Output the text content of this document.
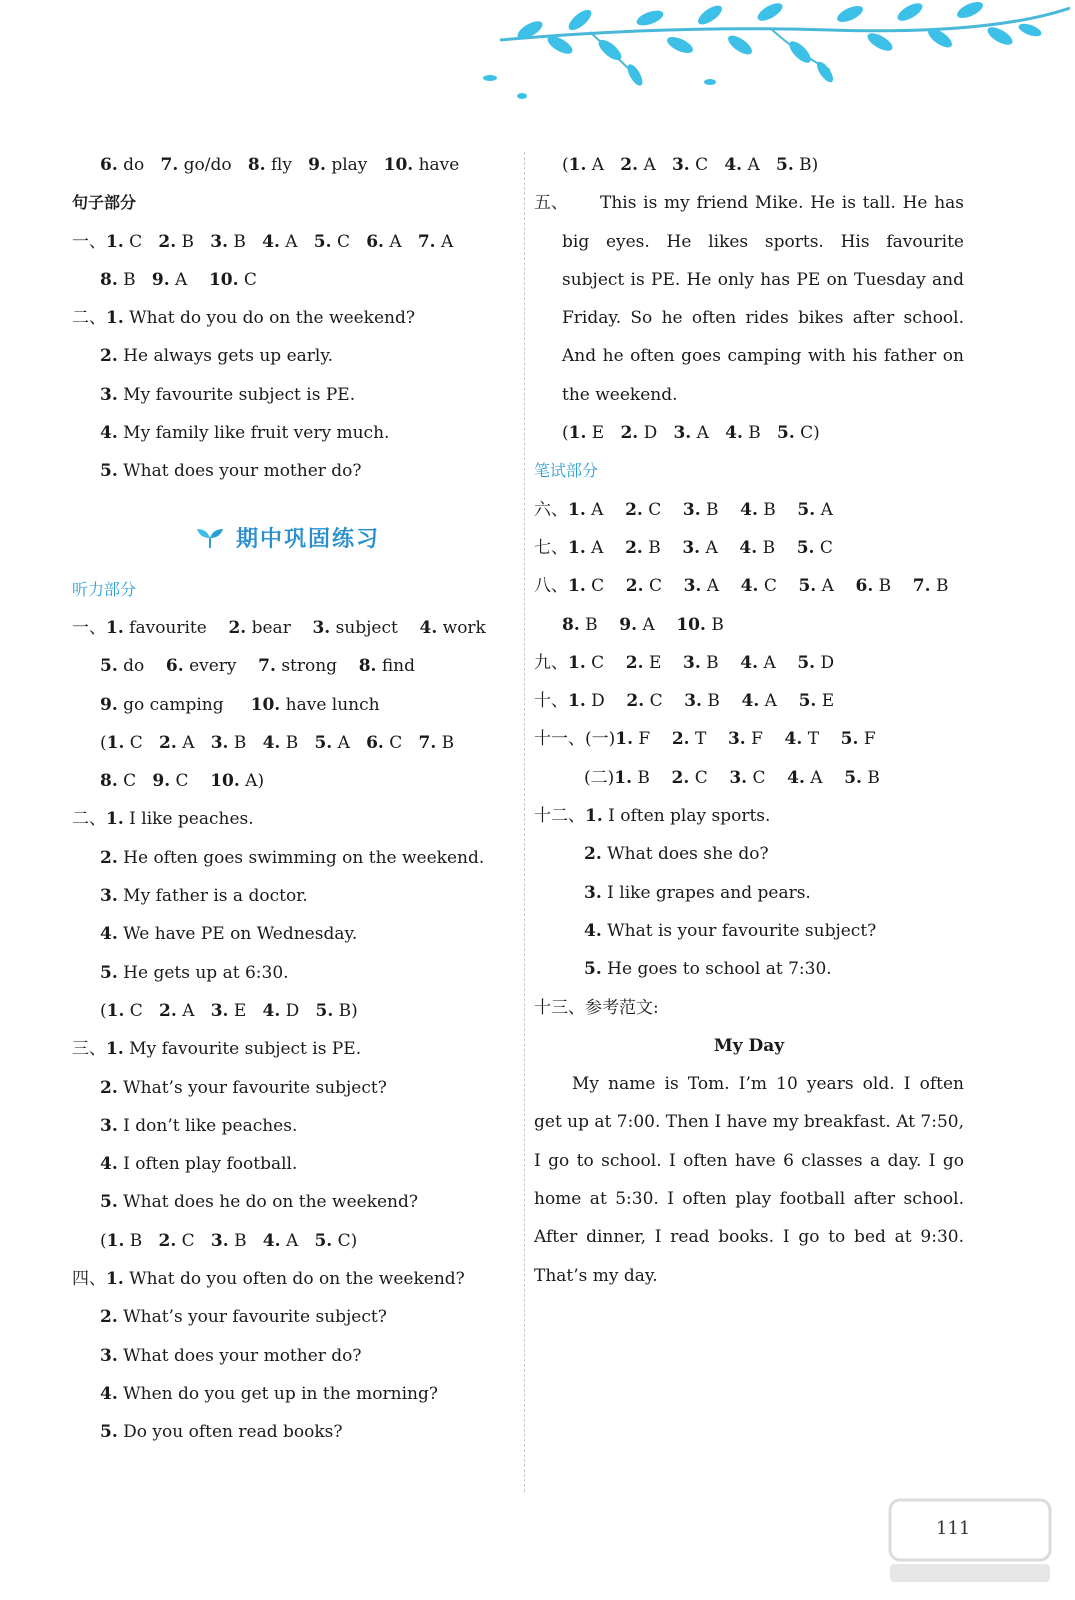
6. do 7. go/do 8. fly 9. play 10. have
句子部分
一、1. C 2. B 3. B 4. A 5. C 6. A 7. A
8. B 9. A 10. C
二、1. What do you do on the weekend?
2. He always gets up early.
3. My favourite subject is PE.
4. My family like fruit very much.
5. What does your mother do?
期中巩固练习
听力部分
一、1. favourite 2. bear 3. subject 4. work
5. do 6. every 7. strong 8. find
9. go camping 10. have lunch
(1. C 2. A 3. B 4. B 5. A 6. C 7. B
8. C 9. C 10. A)
二、1. I like peaches.
2. He often goes swimming on the weekend.
3. My father is a doctor.
4. We have PE on Wednesday.
5. He gets up at 6:30.
(1. C 2. A 3. E 4. D 5. B)
三、1. My favourite subject is PE.
2. What’s your favourite subject?
3. I don’t like peaches.
4. I often play football.
5. What does he do on the weekend?
(1. B 2. C 3. B 4. A 5. C)
四、1. What do you often do on the weekend?
2. What’s your favourite subject?
3. What does your mother do?
4. When do you get up in the morning?
5. Do you often read books?
(1. A 2. A 3. C 4. A 5. B)
五、	This is my friend Mike. He is tall. He has
big eyes. He likes sports. His favourite
subject is PE. He only has PE on Tuesday and
Friday. So he often rides bikes after school.
And he often goes camping with his father on
the weekend.
(1. E 2. D 3. A 4. B 5. C)
笔试部分
六、1. A 2. C 3. B 4. B 5. A
七、1. A 2. B 3. A 4. B 5. C
八、1. C 2. C 3. A 4. C 5. A 6. B 7. B
8. B 9. A 10. B
九、1. C 2. E 3. B 4. A 5. D
十、1. D 2. C 3. B 4. A 5. E
十一、(一)1. F 2. T 3. F 4. T 5. F
(二)1. B 2. C 3. C 4. A 5. B
十二、1. I often play sports.
2. What does she do?
3. I like grapes and pears.
4. What is your favourite subject?
5. He goes to school at 7:30.
十三、参考范文:
My Day
My name is Tom. I’m 10 years old. I often
get up at 7:00. Then I have my breakfast. At 7:50,
I go to school. I often have 6 classes a day. I go
home at 5:30. I often play football after school.
After dinner, I read books. I go to bed at 9:30.
That’s my day.
111
